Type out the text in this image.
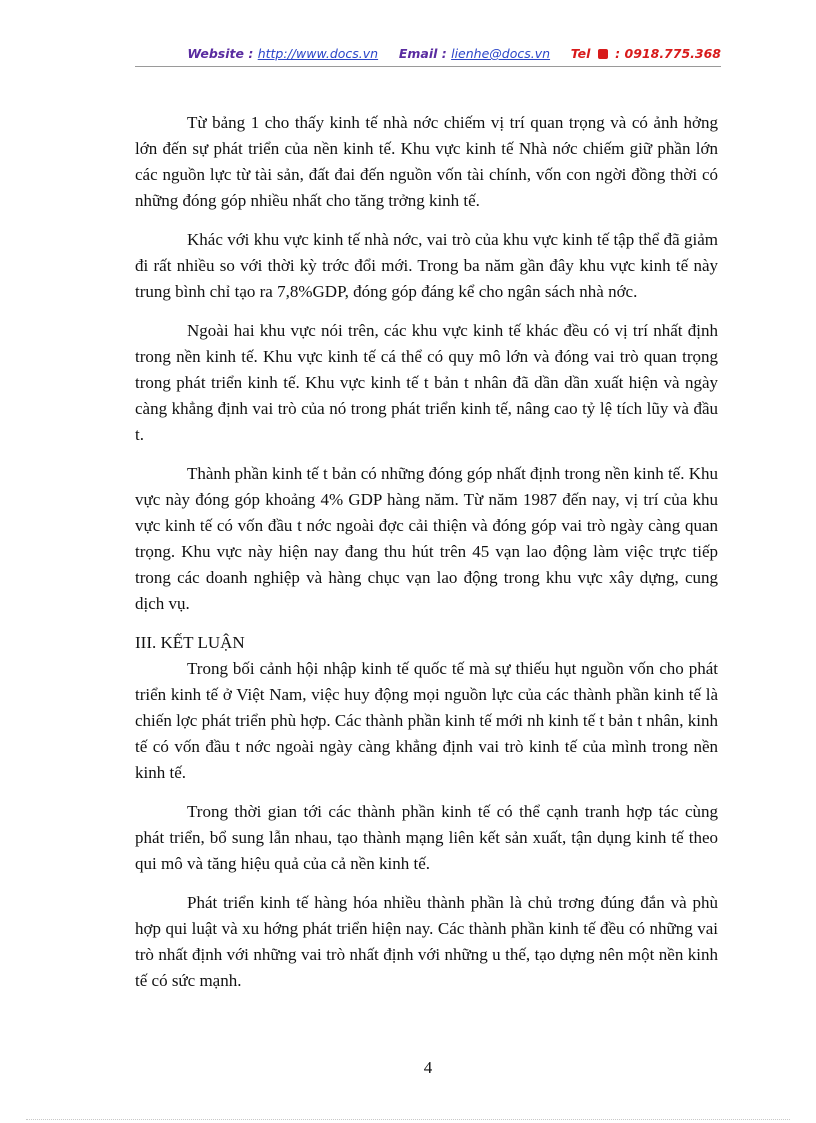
Website : http://www.docs.vn Email : lienhe@docs.vn Tel : 0918.775.368

Từ bảng 1 cho thấy kinh tế nhà nớc chiếm vị trí quan trọng và có ảnh hởng lớn đến sự phát triển của nền kinh tế. Khu vực kinh tế Nhà nớc chiếm giữ phần lớn các nguồn lực từ tài sản, đất đai đến nguồn vốn tài chính, vốn con ngời đồng thời có những đóng góp nhiều nhất cho tăng trởng kinh tế.

Khác với khu vực kinh tế nhà nớc, vai trò của khu vực kinh tế tập thể đã giảm đi rất nhiều so với thời kỳ trớc đổi mới. Trong ba năm gần đây khu vực kinh tế này trung bình chỉ tạo ra 7,8%GDP, đóng góp đáng kể cho ngân sách nhà nớc.

Ngoài hai khu vực nói trên, các khu vực kinh tế khác đều có vị trí nhất định trong nền kinh tế. Khu vực kinh tế cá thể có quy mô lớn và đóng vai trò quan trọng trong phát triển kinh tế. Khu vực kinh tế t bản t nhân đã dần dần xuất hiện và ngày càng khẳng định vai trò của nó trong phát triển kinh tế, nâng cao tỷ lệ tích lũy và đầu t.

Thành phần kinh tế t bản có những đóng góp nhất định trong nền kinh tế. Khu vực này đóng góp khoảng 4% GDP hàng năm. Từ năm 1987 đến nay, vị trí của khu vực kinh tế có vốn đầu t nớc ngoài đợc cải thiện và đóng góp vai trò ngày càng quan trọng. Khu vực này hiện nay đang thu hút trên 45 vạn lao động làm việc trực tiếp trong các doanh nghiệp và hàng chục vạn lao động trong khu vực xây dựng, cung dịch vụ.

III. KẾT LUẬN

Trong bối cảnh hội nhập kinh tế quốc tế mà sự thiếu hụt nguồn vốn cho phát triển kinh tế ở Việt Nam, việc huy động mọi nguồn lực của các thành phần kinh tế là chiến lợc phát triển phù hợp. Các thành phần kinh tế mới nh kinh tế t bản t nhân, kinh tế có vốn đầu t nớc ngoài ngày càng khẳng định vai trò kinh tế của mình trong nền kinh tế.

Trong thời gian tới các thành phần kinh tế có thể cạnh tranh hợp tác cùng phát triển, bổ sung lẫn nhau, tạo thành mạng liên kết sản xuất, tận dụng kinh tế theo qui mô và tăng hiệu quả của cả nền kinh tế.

Phát triển kinh tế hàng hóa nhiều thành phần là chủ trơng đúng đắn và phù hợp qui luật và xu hớng phát triển hiện nay. Các thành phần kinh tế đều có những vai trò nhất định với những vai trò nhất định với những u thế, tạo dựng nên một nền kinh tế có sức mạnh.

4
